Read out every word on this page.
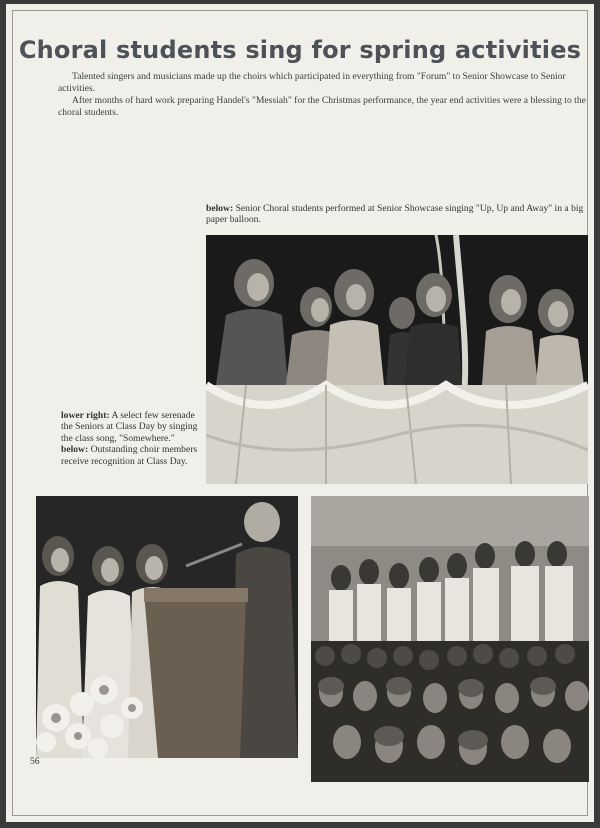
Choral students sing for spring activities

Talented singers and musicians made up the choirs which participated in everything from "Forum" to Senior Showcase to Senior activities.

After months of hard work preparing Handel's "Messiah" for the Christmas performance, the year end activities were a blessing to the choral students.

below: Senior Choral students performed at Senior Showcase singing "Up, Up and Away" in a big paper balloon.
lower right: A select few serenade the Seniors at Class Day by singing the class song, "Somewhere."
below: Outstanding choir members receive recognition at Class Day.
56
